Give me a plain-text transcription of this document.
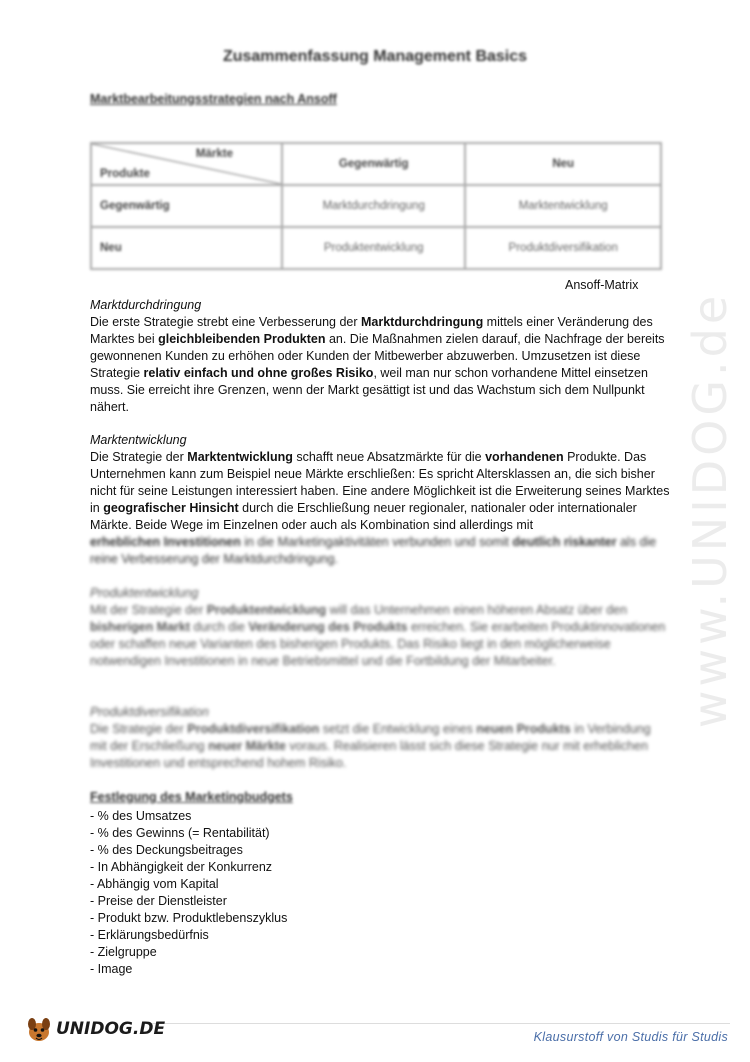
Zusammenfassung Management Basics
Marktbearbeitungsstrategien nach Ansoff
Märkte
Produkte	Gegenwärtig	Neu
Gegenwärtig	Marktdurchdringung	Marktentwicklung
Neu	Produktentwicklung	Produktdiversifikation
Ansoff-Matrix
Marktdurchdringung

Die erste Strategie strebt eine Verbesserung der Marktdurchdringung mittels einer Veränderung des Marktes bei gleichbleibenden Produkten an. Die Maßnahmen zielen darauf, die Nachfrage der bereits gewonnenen Kunden zu erhöhen oder Kunden der Mitbewerber abzuwerben. Umzusetzen ist diese Strategie relativ einfach und ohne großes Risiko, weil man nur schon vorhandene Mittel einsetzen muss. Sie erreicht ihre Grenzen, wenn der Markt gesättigt ist und das Wachstum sich dem Nullpunkt nähert.

Marktentwicklung

Die Strategie der Marktentwicklung schafft neue Absatzmärkte für die vorhandenen Produkte. Das Unternehmen kann zum Beispiel neue Märkte erschließen: Es spricht Altersklassen an, die sich bisher nicht für seine Leistungen interessiert haben. Eine andere Möglichkeit ist die Erweiterung seines Marktes in geografischer Hinsicht durch die Erschließung neuer regionaler, nationaler oder internationaler Märkte. Beide Wege im Einzelnen oder auch als Kombination sind allerdings mit

erheblichen Investitionen in die Marketingaktivitäten verbunden und somit deutlich riskanter als die reine Verbesserung der Marktdurchdringung.

Produktentwicklung

Mit der Strategie der Produktentwicklung will das Unternehmen einen höheren Absatz über den bisherigen Markt durch die Veränderung des Produkts erreichen. Sie erarbeiten Produktinnovationen oder schaffen neue Varianten des bisherigen Produkts. Das Risiko liegt in den möglicherweise notwendigen Investitionen in neue Betriebsmittel und die Fortbildung der Mitarbeiter.

Produktdiversifikation

Die Strategie der Produktdiversifikation setzt die Entwicklung eines neuen Produkts in Verbindung mit der Erschließung neuer Märkte voraus. Realisieren lässt sich diese Strategie nur mit erheblichen Investitionen und entsprechend hohem Risiko.

Festlegung des Marketingbudgets
- % des Umsatzes
- % des Gewinns (= Rentabilität)
- % des Deckungsbeitrages
- In Abhängigkeit der Konkurrenz
- Abhängig vom Kapital
- Preise der Dienstleister
- Produkt bzw. Produktlebenszyklus
- Erklärungsbedürfnis
- Zielgruppe
- Image
www.UNIDOG.de
UNIDOG.DE	Klausurstoff von Studis für Studis
